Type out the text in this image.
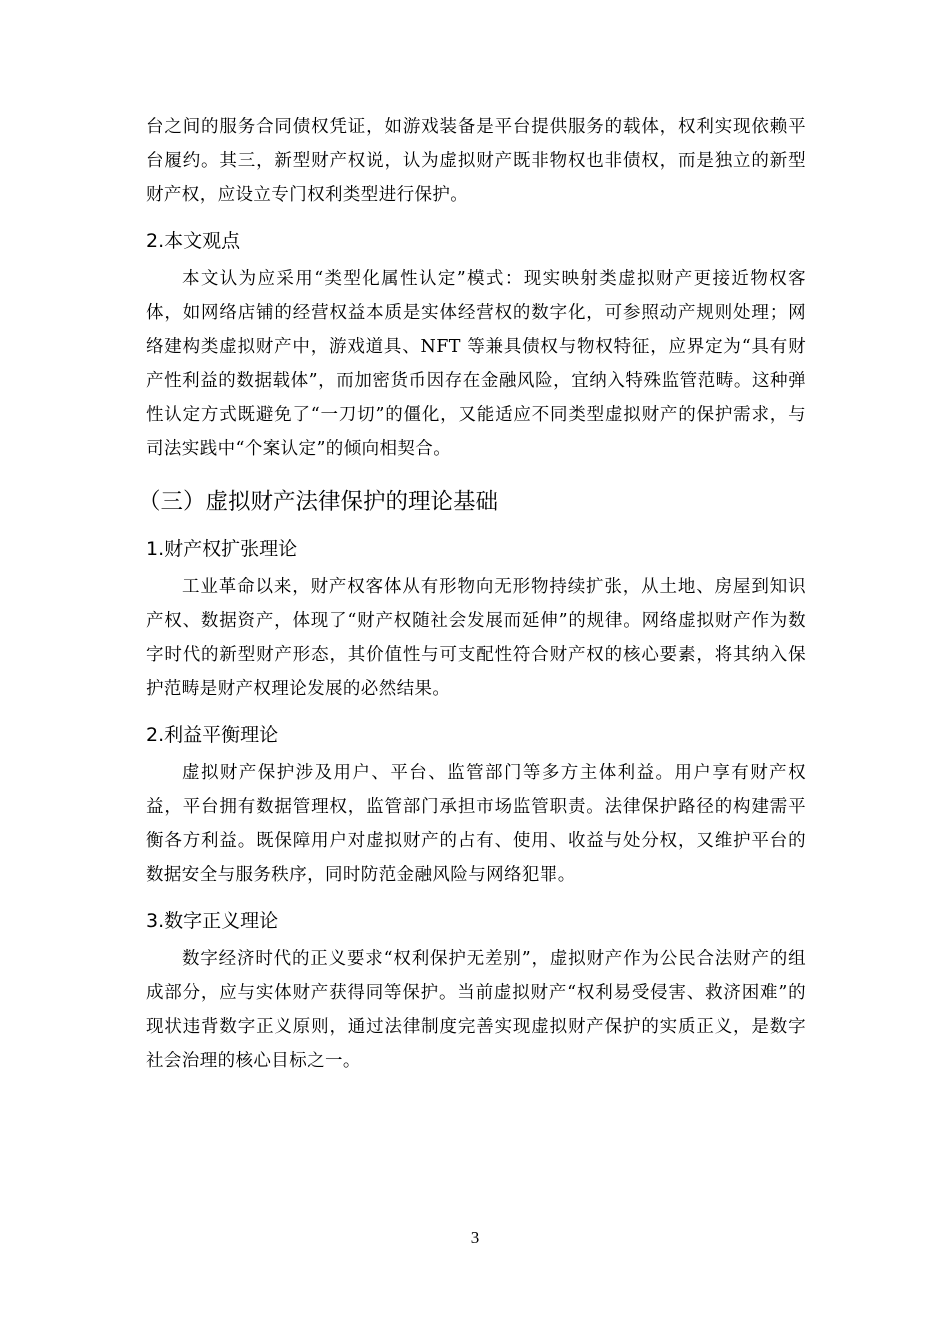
台之间的服务合同债权凭证，如游戏装备是平台提供服务的载体，权利实现依赖平台履约。其三，新型财产权说，认为虚拟财产既非物权也非债权，而是独立的新型财产权，应设立专门权利类型进行保护。

2.本文观点

本文认为应采用“类型化属性认定”模式：现实映射类虚拟财产更接近物权客体，如网络店铺的经营权益本质是实体经营权的数字化，可参照动产规则处理；网络建构类虚拟财产中，游戏道具、NFT 等兼具债权与物权特征，应界定为“具有财产性利益的数据载体”，而加密货币因存在金融风险，宜纳入特殊监管范畴。这种弹性认定方式既避免了“一刀切”的僵化，又能适应不同类型虚拟财产的保护需求，与司法实践中“个案认定”的倾向相契合。

（三）虚拟财产法律保护的理论基础
1.财产权扩张理论

工业革命以来，财产权客体从有形物向无形物持续扩张，从土地、房屋到知识产权、数据资产，体现了“财产权随社会发展而延伸”的规律。网络虚拟财产作为数字时代的新型财产形态，其价值性与可支配性符合财产权的核心要素，将其纳入保护范畴是财产权理论发展的必然结果。

2.利益平衡理论

虚拟财产保护涉及用户、平台、监管部门等多方主体利益。用户享有财产权益，平台拥有数据管理权，监管部门承担市场监管职责。法律保护路径的构建需平衡各方利益。既保障用户对虚拟财产的占有、使用、收益与处分权，又维护平台的数据安全与服务秩序，同时防范金融风险与网络犯罪。

3.数字正义理论

数字经济时代的正义要求“权利保护无差别”，虚拟财产作为公民合法财产的组成部分，应与实体财产获得同等保护。当前虚拟财产“权利易受侵害、救济困难”的现状违背数字正义原则，通过法律制度完善实现虚拟财产保护的实质正义，是数字社会治理的核心目标之一。

3
